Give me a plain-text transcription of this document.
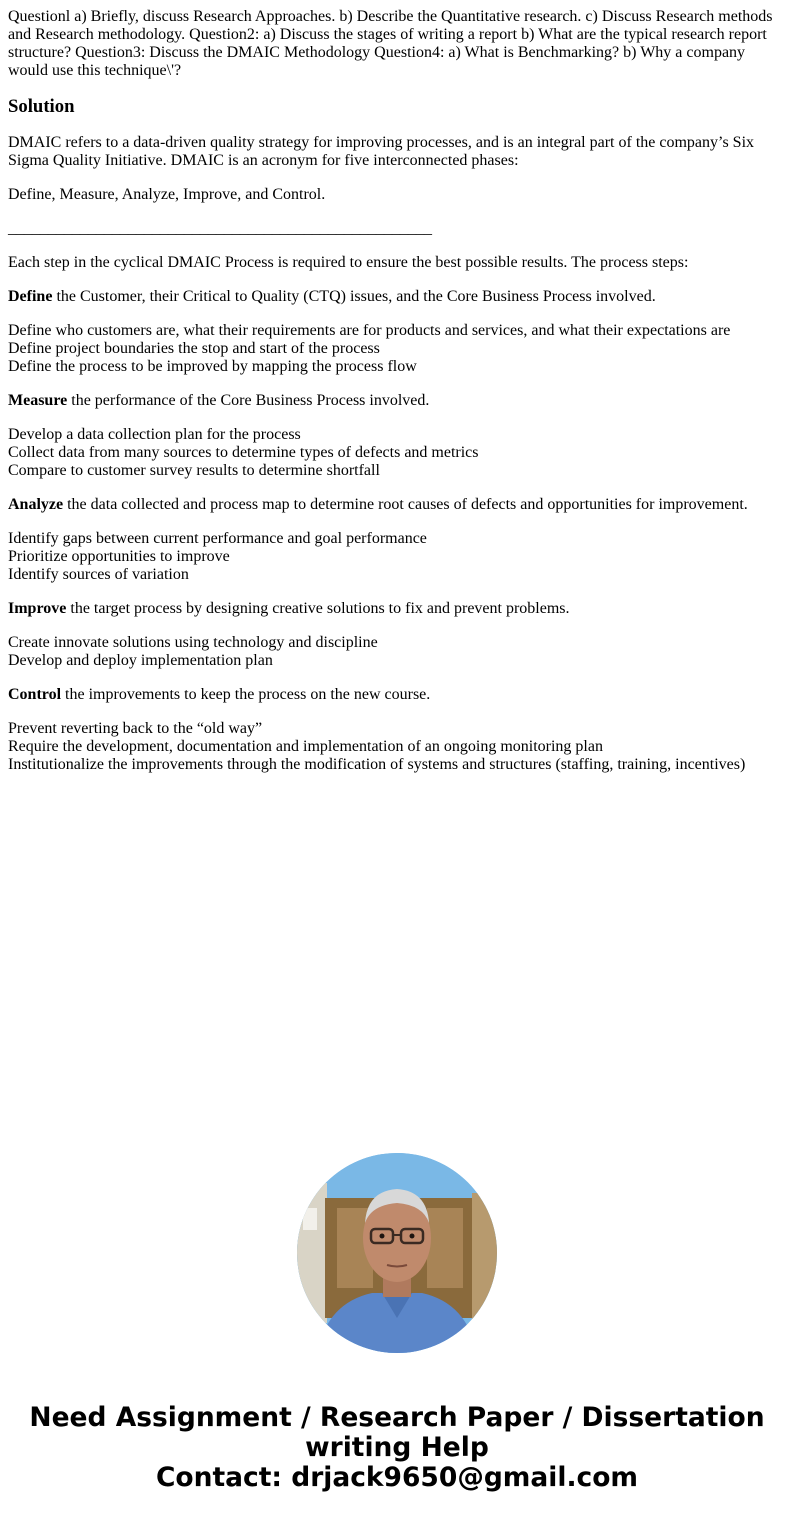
Questionl a) Briefly, discuss Research Approaches. b) Describe the Quantitative research. c) Discuss Research methods and Research methodology. Question2: a) Discuss the stages of writing a report b) What are the typical research report structure? Question3: Discuss the DMAIC Methodology Question4: a) What is Benchmarking? b) Why a company would use this technique\'?

Solution

DMAIC refers to a data-driven quality strategy for improving processes, and is an integral part of the company’s Six Sigma Quality Initiative. DMAIC is an acronym for five interconnected phases:

Define, Measure, Analyze, Improve, and Control.

_____________________________________________________

Each step in the cyclical DMAIC Process is required to ensure the best possible results. The process steps:

Define the Customer, their Critical to Quality (CTQ) issues, and the Core Business Process involved.

Define who customers are, what their requirements are for products and services, and what their expectations are
Define project boundaries the stop and start of the process
Define the process to be improved by mapping the process flow

Measure the performance of the Core Business Process involved.

Develop a data collection plan for the process
Collect data from many sources to determine types of defects and metrics
Compare to customer survey results to determine shortfall

Analyze the data collected and process map to determine root causes of defects and opportunities for improvement.

Identify gaps between current performance and goal performance
Prioritize opportunities to improve
Identify sources of variation

Improve the target process by designing creative solutions to fix and prevent problems.

Create innovate solutions using technology and discipline
Develop and deploy implementation plan

Control the improvements to keep the process on the new course.

Prevent reverting back to the “old way”
Require the development, documentation and implementation of an ongoing monitoring plan
Institutionalize the improvements through the modification of systems and structures (staffing, training, incentives)

Need Assignment / Research Paper / Dissertation
writing Help
Contact: drjack9650@gmail.com
